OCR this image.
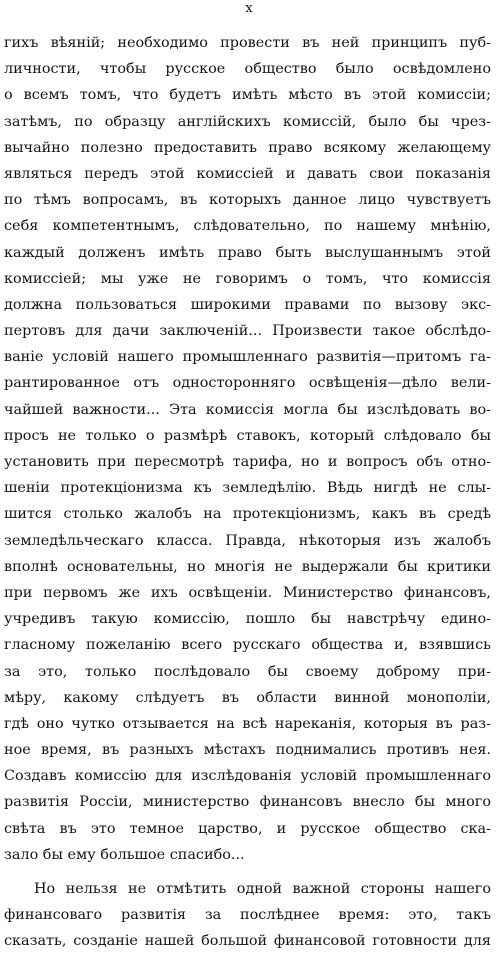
x
гихъ вѣяній; необходимо провести въ ней принципъ пуб-
личности, чтобы русское общество было освѣдомлено
о всемъ томъ, что будетъ имѣть мѣсто въ этой комиссіи;
затѣмъ, по образцу англійскихъ комиссій, было бы чрез-
вычайно полезно предоставить право всякому желающему
являться передъ этой комиссіей и давать свои показанія
по тѣмъ вопросамъ, въ которыхъ данное лицо чувствуетъ
себя компетентнымъ, слѣдовательно, по нашему мнѣнію,
каждый долженъ имѣть право быть выслушаннымъ этой
комиссіей; мы уже не говоримъ о томъ, что комиссія
должна пользоваться широкими правами по вызову экс-
пертовъ для дачи заключеній... Произвести такое обслѣдо-
ваніе условій нашего промышленнаго развитія—притомъ га-
рантированное отъ односторонняго освѣщенія—дѣло вели-
чайшей важности... Эта комиссія могла бы изслѣдовать во-
просъ не только о размѣрѣ ставокъ, который слѣдовало бы
установить при пересмотрѣ тарифа, но и вопросъ объ отно-
шеніи протекціонизма къ земледѣлію. Вѣдь нигдѣ не слы-
шится столько жалобъ на протекціонизмъ, какъ въ средѣ
земледѣльческаго класса. Правда, нѣкоторыя изъ жалобъ
вполнѣ основательны, но многія не выдержали бы критики
при первомъ же ихъ освѣщеніи. Министерство финансовъ,
учредивъ такую комиссію, пошло бы навстрѣчу едино-
гласному пожеланію всего русскаго общества и, взявшись
за это, только послѣдовало бы своему доброму при-
мѣру, какому слѣдуетъ въ области винной монополіи,
гдѣ оно чутко отзывается на всѣ нареканія, которыя въ раз-
ное время, въ разныхъ мѣстахъ поднимались противъ нея.
Создавъ комиссію для изслѣдованія условій промышленнаго
развитія Россіи, министерство финансовъ внесло бы много
свѣта въ это темное царство, и русское общество ска-
зало бы ему большое спасибо...
Но нельзя не отмѣтить одной важной стороны нашего
финансоваго развитія за послѣднее время: это, такъ
сказать, созданіе нашей большой финансовой готовности для
